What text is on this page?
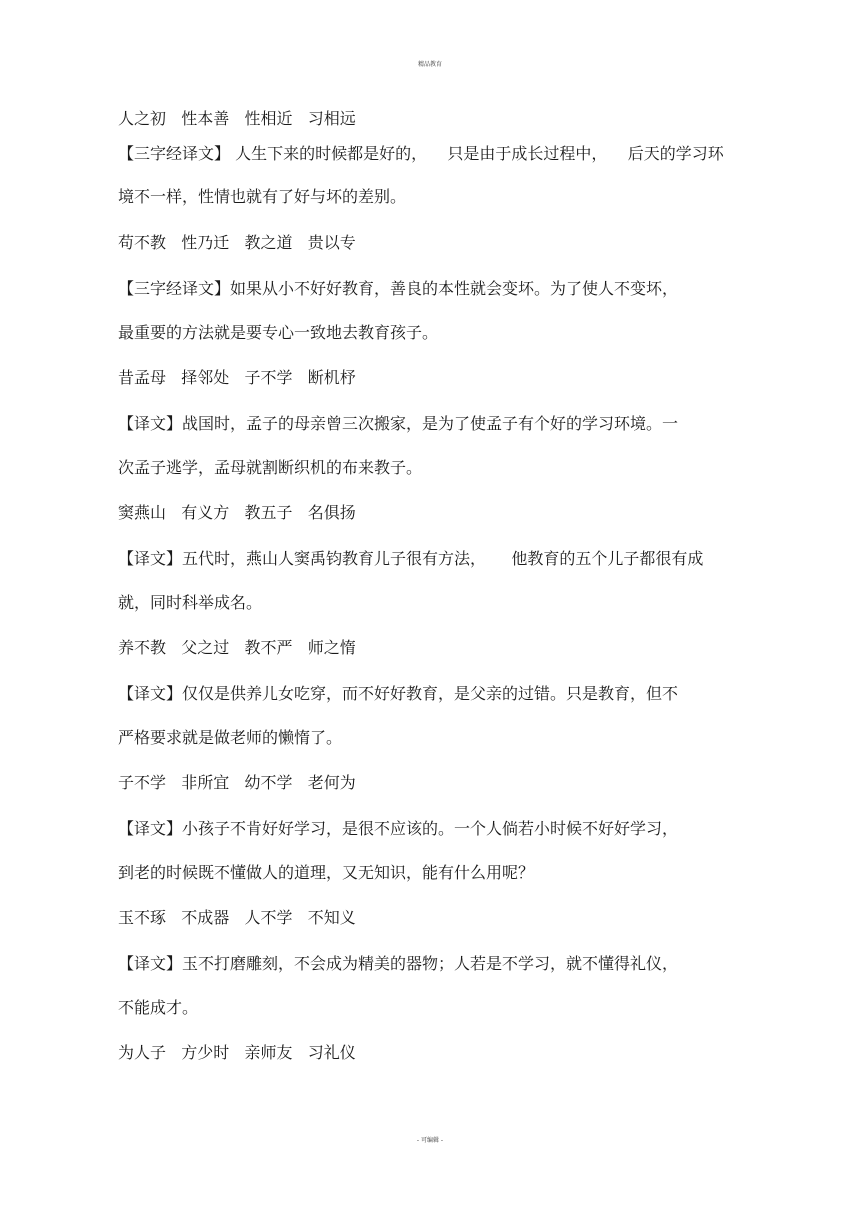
精品教育
人之初   性本善   性相近   习相远
【三字经译文】 人生下来的时候都是好的，    只是由于成长过程中，    后天的学习环
境不一样，性情也就有了好与坏的差别。
苟不教   性乃迁   教之道   贵以专
【三字经译文】如果从小不好好教育，善良的本性就会变坏。为了使人不变坏，
最重要的方法就是要专心一致地去教育孩子。
昔孟母   择邻处   子不学   断机杼
【译文】战国时，孟子的母亲曾三次搬家，是为了使孟子有个好的学习环境。一
次孟子逃学，孟母就割断织机的布来教子。
窦燕山   有义方   教五子   名俱扬
【译文】五代时，燕山人窦禹钧教育儿子很有方法，     他教育的五个儿子都很有成
就，同时科举成名。
养不教   父之过   教不严   师之惰
【译文】仅仅是供养儿女吃穿，而不好好教育，是父亲的过错。只是教育，但不
严格要求就是做老师的懒惰了。
子不学   非所宜   幼不学   老何为
【译文】小孩子不肯好好学习，是很不应该的。一个人倘若小时候不好好学习，
到老的时候既不懂做人的道理，又无知识，能有什么用呢？
玉不琢   不成器   人不学   不知义
【译文】玉不打磨雕刻，不会成为精美的器物；人若是不学习，就不懂得礼仪，
不能成才。
为人子   方少时   亲师友   习礼仪
- 可编辑 -
